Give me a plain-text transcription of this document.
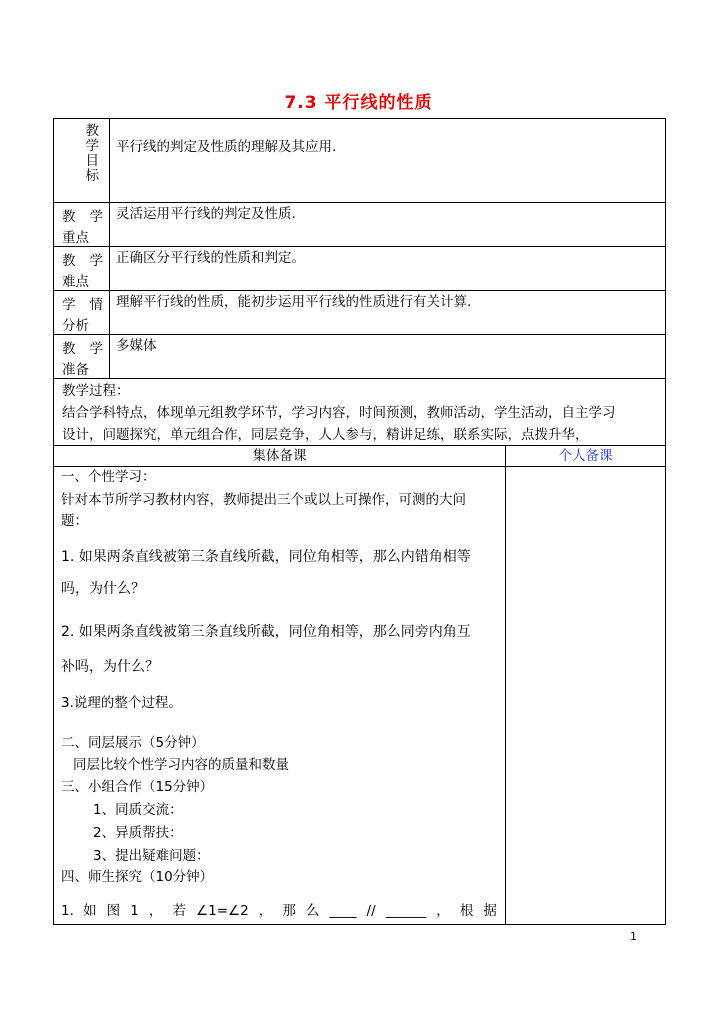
7.3 平行线的性质
教
学
目
标
平行线的判定及性质的理解及其应用.
教 学
重点
灵活运用平行线的判定及性质.
教 学
难点
正确区分平行线的性质和判定。
学 情
分析
理解平行线的性质，能初步运用平行线的性质进行有关计算.
教 学
准备
多媒体
教学过程：
结合学科特点，体现单元组教学环节，学习内容，时间预测，教师活动，学生活动，自主学习
设计，问题探究，单元组合作，同层竞争，人人参与，精讲足练，联系实际，点拨升华，
集体备课	个人备课
一、个性学习：
针对本节所学习教材内容，教师提出三个或以上可操作，可测的大问
题：
1. 如果两条直线被第三条直线所截，同位角相等，那么内错角相等
吗，为什么？
2. 如果两条直线被第三条直线所截，同位角相等，那么同旁内角互
补吗，为什么？
3.说理的整个过程。
二、同层展示（5分钟）
同层比较个性学习内容的质量和数量
三、小组合作（15分钟）
1、同质交流：
2、异质帮扶：
3、提出疑难问题：
四、师生探究（10分钟）
1．如 图 1 ， 若 ∠1=∠2 ， 那 么 ____ // ______ ， 根 据
1
